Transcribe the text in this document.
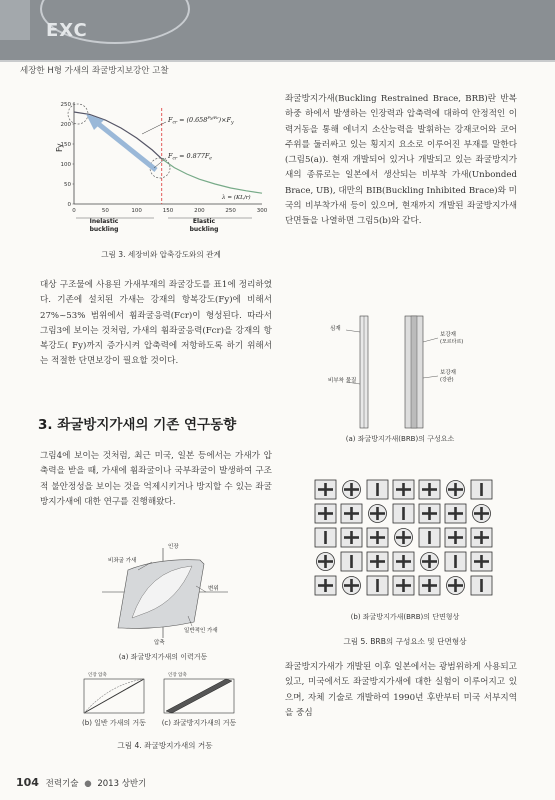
EXC
세장한 H형 가새의 좌굴방지보강안 고찰
Fy
0
50
100
150
200
250
0	50	100	150	200	250	300
$F_{cr} = (0.658^{Fy/Fe})\times F_y$
$F_{cr} = 0.877F_e$
λ = (KL/r)
Inelastic
buckling
Elastic
buckling
그림 3. 세장비와 압축강도와의 관계
대상 구조물에 사용된 가새부재의 좌굴강도를 표1에 정리하였다. 기존에 설치된 가새는 강재의 항복강도(Fy)에 비해서 27%~53% 범위에서 휨좌굴응력(Fcr)이 형성된다. 따라서 그림3에 보이는 것처럼, 가새의 휨좌굴응력(Fcr)을 강재의 항복강도( Fy)까지 증가시켜 압축력에 저항하도록 하기 위해서는 적절한 단면보강이 필요할 것이다.
3. 좌굴방지가새의 기존 연구동향
그림4에 보이는 것처럼, 최근 미국, 일본 등에서는 가새가 압축력을 받을 때, 가새에 휨좌굴이나 국부좌굴이 발생하여 구조적 불안정성을 보이는 것을 억제시키거나 방지할 수 있는 좌굴방지가새에 대한 연구를 진행해왔다.
인장
비좌굴 가새
변위
일반적인 가새
압축
(a) 좌굴방지가새의 이력거동
인장 압축	인장 압축
(b) 일반 가새의 거동	(c) 좌굴방지가새의 거동
그림 4. 좌굴방지가새의 거동
좌굴방지가새(Buckling Restrained Brace, BRB)란 반복하중 하에서 발생하는 인장력과 압축력에 대하여 안정적인 이력거동을 통해 에너지 소산능력을 발휘하는 강재코어와 코어 주위를 둘러싸고 있는 횡지지 요소로 이루어진 부재를 말한다(그림5(a)). 현재 개발되어 있거나 개발되고 있는 좌굴방지가새의 종류로는 일본에서 생산되는 비부착 가새(Unbonded Brace, UB), 대만의 BIB(Buckling Inhibited Brace)와 미국의 비부착가새 등이 있으며, 현재까지 개발된 좌굴방지가새 단면들을 나열하면 그림5(b)와 같다.
심재
비부착 물질
보강재
(모르타르)
보강재
(강관)
(a) 좌굴방지가새(BRB)의 구성요소
(b) 좌굴방지가새(BRB)의 단면형상
그림 5. BRB의 구성요소 및 단면형상
좌굴방지가새가 개발된 이후 일본에서는 광범위하게 사용되고 있고, 미국에서도 좌굴방지가새에 대한 실험이 이루어지고 있으며, 자체 기술로 개발하여 1990년 후반부터 미국 서부지역을 중심
104 전력기술 ● 2013 상반기
